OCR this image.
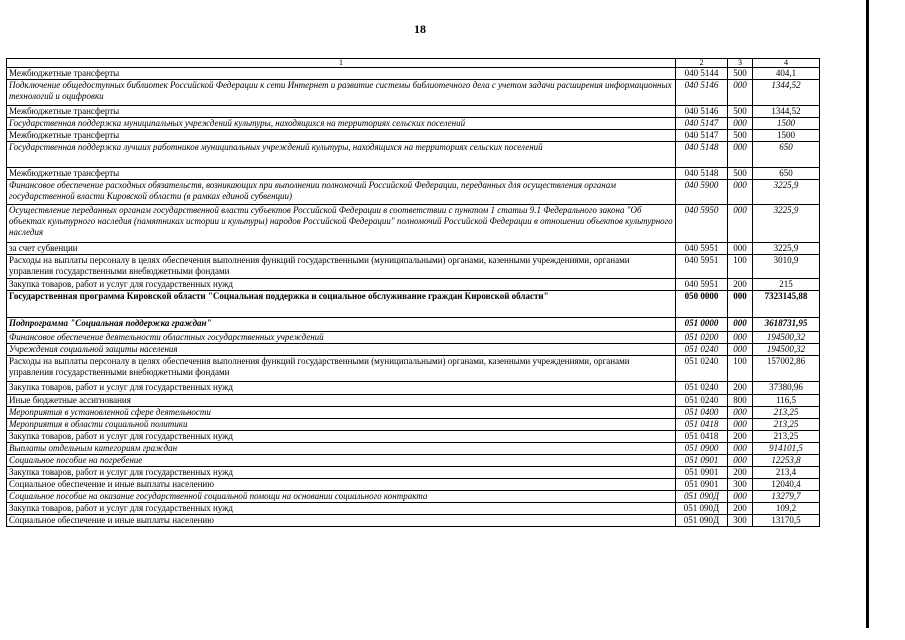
18
1	2	3	4
Межбюджетные трансферты	040 5144	500	404,1
Подключение общедоступных библиотек Российской Федерации к сети Интернет и развитие системы библиотечного дела с учетом задачи расширения информационных технологий и оцифровки	040 5146	000	1344,52
Межбюджетные трансферты	040 5146	500	1344,52
Государственная поддержка муниципальных учреждений культуры, находящихся на территориях сельских поселений	040 5147	000	1500
Межбюджетные трансферты	040 5147	500	1500
Государственная поддержка лучших работников муниципальных учреждений культуры, находящихся на территориях сельских поселений	040 5148	000	650
Межбюджетные трансферты	040 5148	500	650
Финансовое обеспечение расходных обязательств, возникающих при выполнении полномочий Российской Федерации, переданных для осуществления органам государственной власти Кировской области (в рамках единой субвенции)	040 5900	000	3225,9
Осуществление переданных органам государственной власти субъектов Российской Федерации в соответствии с пунктом 1 статьи 9.1 Федерального закона "Об объектах культурного наследия (памятниках истории и культуры) народов Российской Федерации" полномочий Российской Федерации в отношении объектов культурного наследия	040 5950	000	3225,9
за счет субвенции	040 5951	000	3225,9
Расходы на выплаты персоналу в целях обеспечения выполнения функций государственными (муниципальными) органами, казенными учреждениями, органами управления государственными внебюджетными фондами	040 5951	100	3010,9
Закупка товаров, работ и услуг для государственных нужд	040 5951	200	215
Государственная программа Кировской области "Социальная поддержка и социальное обслуживание граждан Кировской области"	050 0000	000	7323145,88
Подпрограмма "Социальная поддержка граждан"	051 0000	000	3618731,95
Финансовое обеспечение деятельности областных государственных учреждений	051 0200	000	194500,32
Учреждения социальной защиты населения	051 0240	000	194500,32
Расходы на выплаты персоналу в целях обеспечения выполнения функций государственными (муниципальными) органами, казенными учреждениями, органами управления государственными внебюджетными фондами	051 0240	100	157002,86
Закупка товаров, работ и услуг для государственных нужд	051 0240	200	37380,96
Иные бюджетные ассигнования	051 0240	800	116,5
Мероприятия в установленной сфере деятельности	051 0400	000	213,25
Мероприятия в области социальной политики	051 0418	000	213,25
Закупка товаров, работ и услуг для государственных нужд	051 0418	200	213,25
Выплаты отдельным категориям граждан	051 0900	000	914101,5
Социальное пособие на погребение	051 0901	000	12253,8
Закупка товаров, работ и услуг для государственных нужд	051 0901	200	213,4
Социальное обеспечение и иные выплаты населению	051 0901	300	12040,4
Социальное пособие на оказание государственной социальной помощи на основании социального контракта	051 090Д	000	13279,7
Закупка товаров, работ и услуг для государственных нужд	051 090Д	200	109,2
Социальное обеспечение и иные выплаты населению	051 090Д	300	13170,5
